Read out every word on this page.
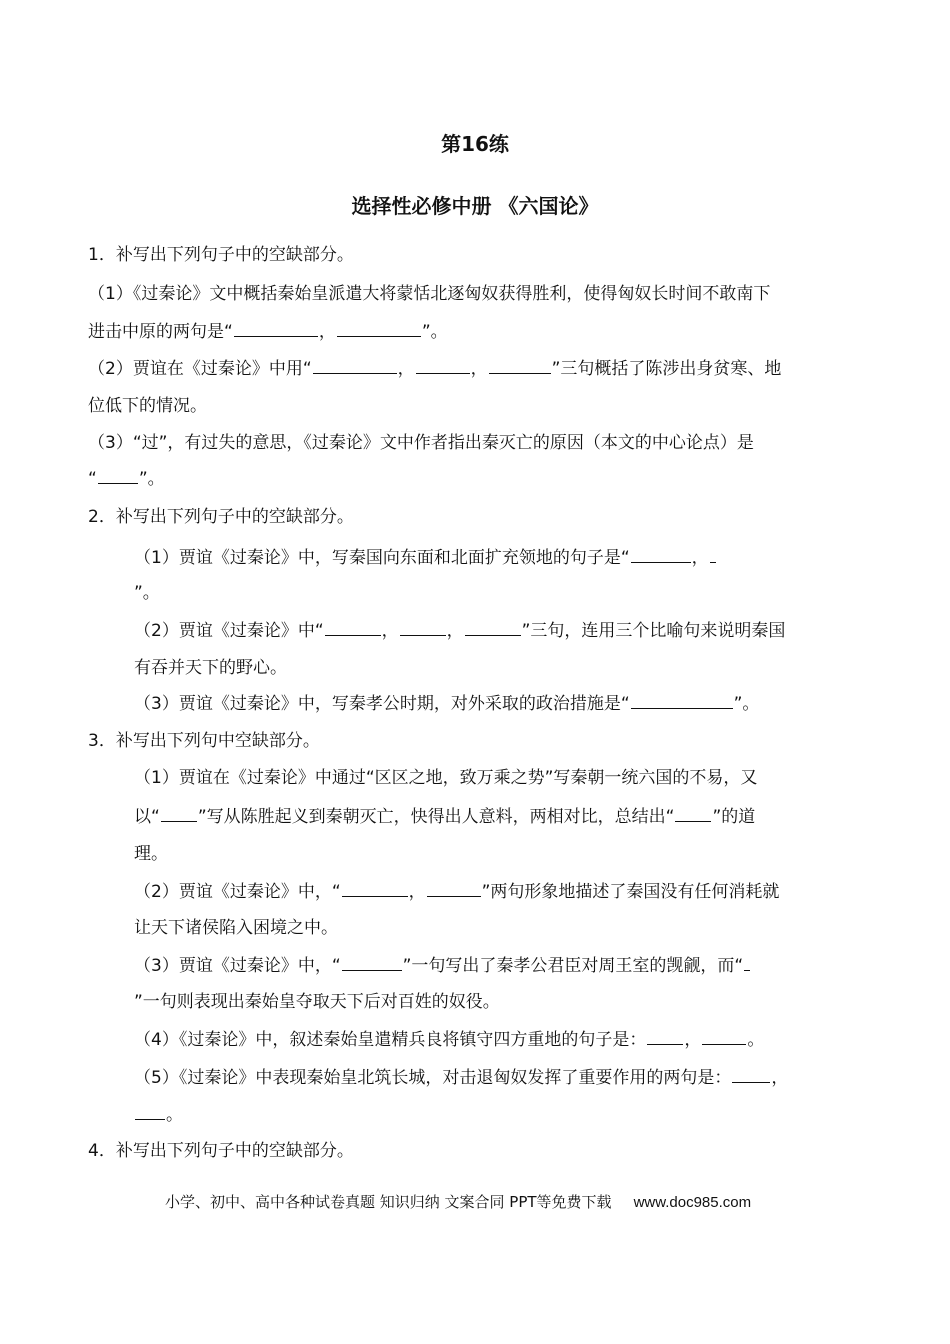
第16练
选择性必修中册 《六国论》
1．补写出下列句子中的空缺部分。
（1）《过秦论》文中概括秦始皇派遣大将蒙恬北逐匈奴获得胜利，使得匈奴长时间不敢南下
进击中原的两句是“	，	”。
（2）贾谊在《过秦论》中用“	，	，	”三句概括了陈涉出身贫寒、地
位低下的情况。
（3）“过”，有过失的意思，《过秦论》文中作者指出秦灭亡的原因（本文的中心论点）是
“ ”。
2．补写出下列句子中的空缺部分。
（1）贾谊《过秦论》中，写秦国向东面和北面扩充领地的句子是“	，
”。
（2）贾谊《过秦论》中“	，	，	”三句，连用三个比喻句来说明秦国
有吞并天下的野心。
（3）贾谊《过秦论》中，写秦孝公时期，对外采取的政治措施是“	”。
3．补写出下列句中空缺部分。
（1）贾谊在《过秦论》中通过“区区之地，致万乘之势”写秦朝一统六国的不易，又
以“ ”写从陈胜起义到秦朝灭亡，快得出人意料，两相对比，总结出“ ”的道
理。
（2）贾谊《过秦论》中，“	，	”两句形象地描述了秦国没有任何消耗就
让天下诸侯陷入困境之中。
（3）贾谊《过秦论》中，“	”一句写出了秦孝公君臣对周王室的觊觎，而“
”一句则表现出秦始皇夺取天下后对百姓的奴役。
（4）《过秦论》中，叙述秦始皇遣精兵良将镇守四方重地的句子是： ，	。
（5）《过秦论》中表现秦始皇北筑长城，对击退匈奴发挥了重要作用的两句是： ，
。
4．补写出下列句子中的空缺部分。
小学、初中、高中各种试卷真题 知识归纳 文案合同 PPT等免费下载 www.doc985.com
